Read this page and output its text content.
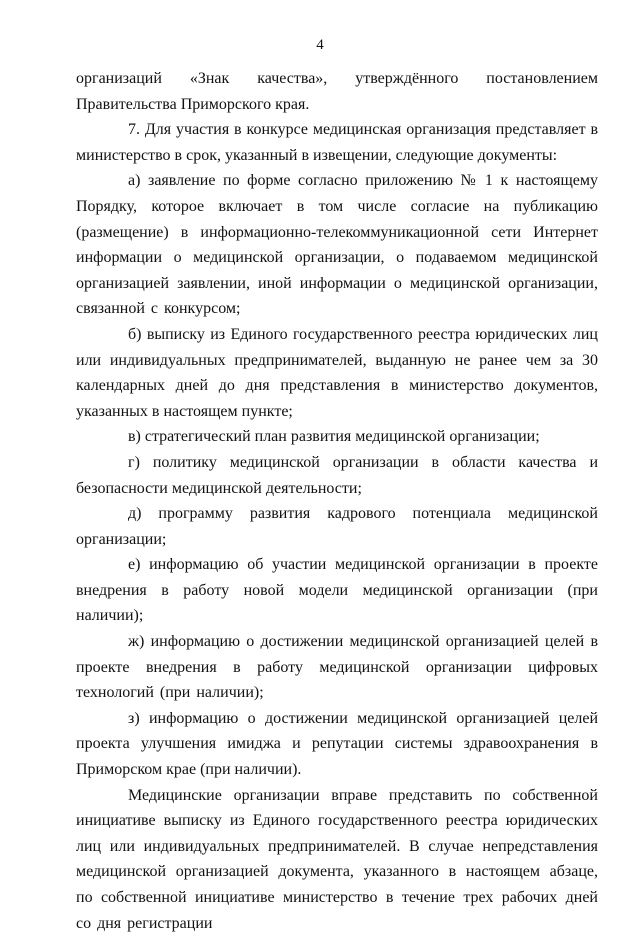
4

организаций «Знак качества», утверждённого постановлением Правительства Приморского края.

7. Для участия в конкурсе медицинская организация представляет в министерство в срок, указанный в извещении, следующие документы:

а) заявление по форме согласно приложению № 1 к настоящему Порядку, которое включает в том числе согласие на публикацию (размещение) в информационно-телекоммуникационной сети Интернет информации о медицинской организации, о подаваемом медицинской организацией заявлении, иной информации о медицинской организации, связанной с конкурсом;

б) выписку из Единого государственного реестра юридических лиц или индивидуальных предпринимателей, выданную не ранее чем за 30 календарных дней до дня представления в министерство документов, указанных в настоящем пункте;

в) стратегический план развития медицинской организации;

г) политику медицинской организации в области качества и безопасности медицинской деятельности;

д) программу развития кадрового потенциала медицинской организации;

е) информацию об участии медицинской организации в проекте внедрения в работу новой модели медицинской организации (при наличии);

ж) информацию о достижении медицинской организацией целей в проекте внедрения в работу медицинской организации цифровых технологий (при наличии);

з) информацию о достижении медицинской организацией целей проекта улучшения имиджа и репутации системы здравоохранения в Приморском крае (при наличии).

Медицинские организации вправе представить по собственной инициативе выписку из Единого государственного реестра юридических лиц или индивидуальных предпринимателей. В случае непредставления медицинской организацией документа, указанного в настоящем абзаце, по собственной инициативе министерство в течение трех рабочих дней со дня регистрации
